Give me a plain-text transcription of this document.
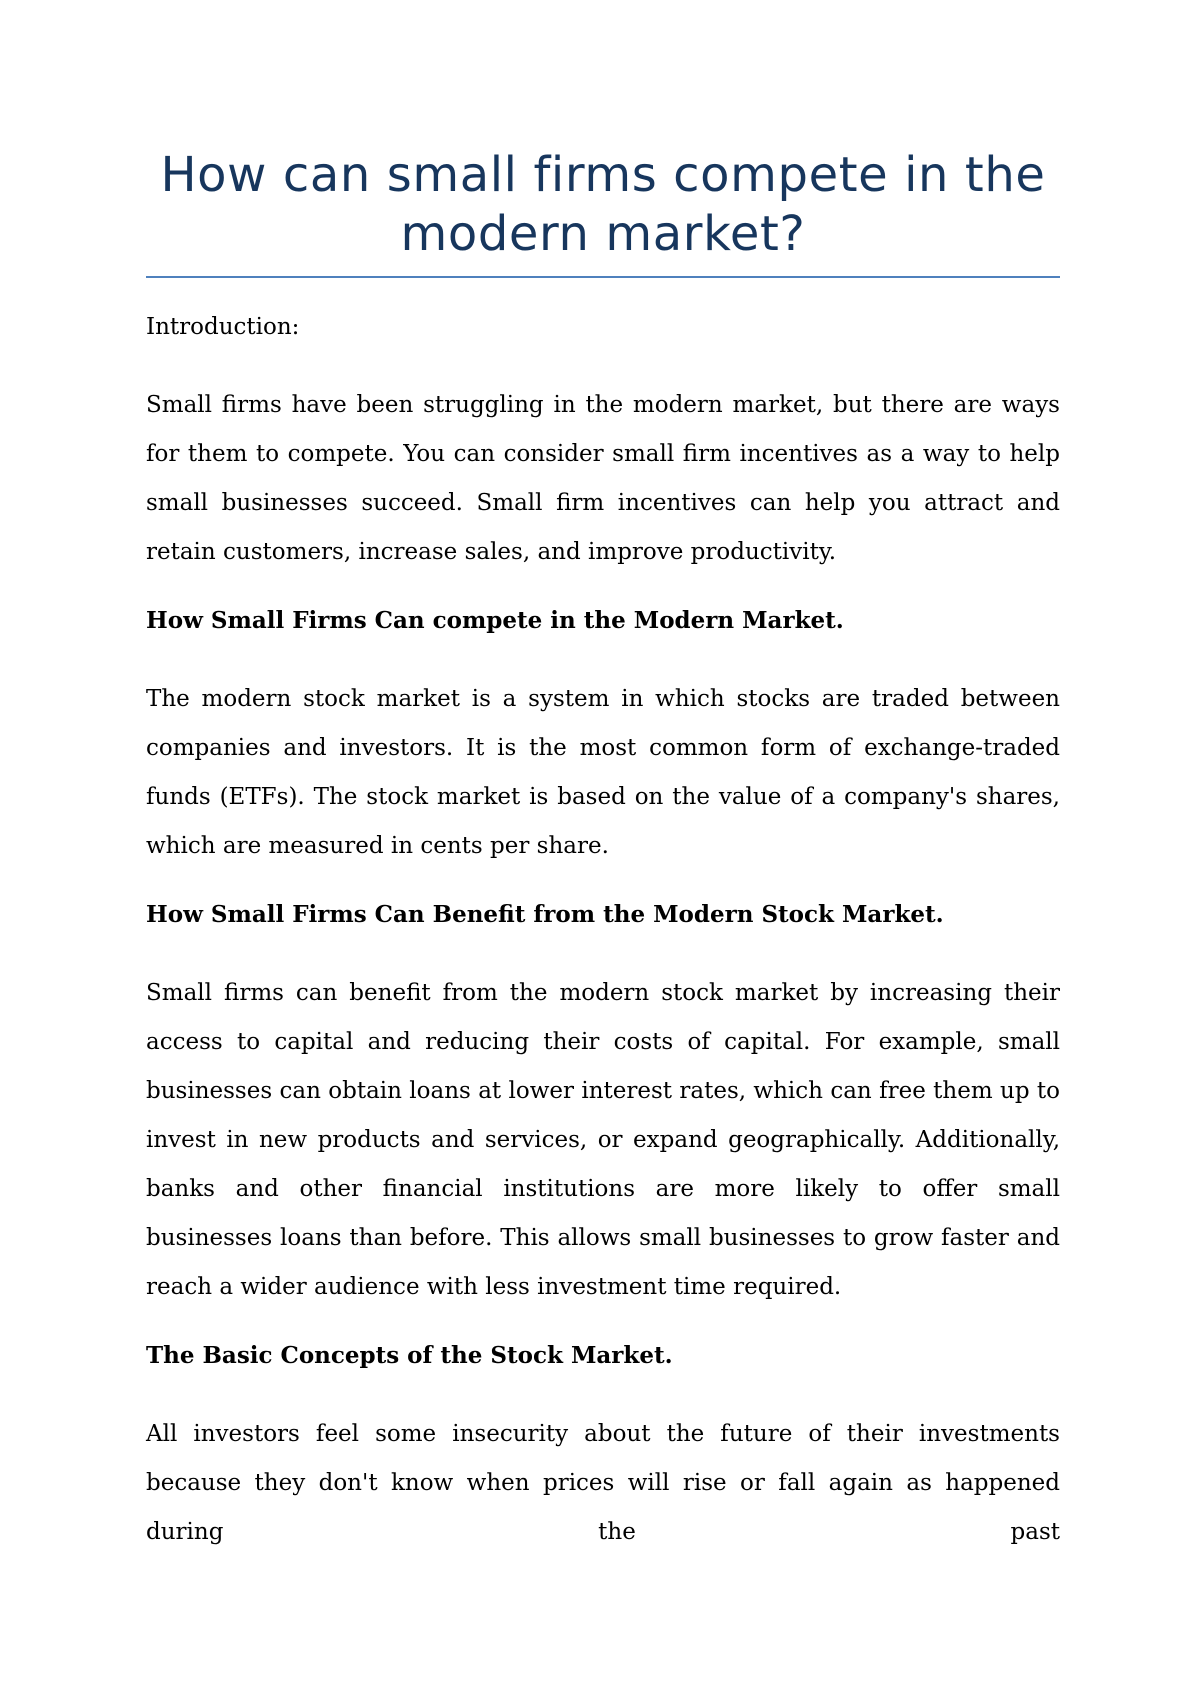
How can small firms compete in the modern market?

Introduction:

Small firms have been struggling in the modern market, but there are ways for them to compete. You can consider small firm incentives as a way to help small businesses succeed. Small firm incentives can help you attract and retain customers, increase sales, and improve productivity.

How Small Firms Can compete in the Modern Market.

The modern stock market is a system in which stocks are traded between companies and investors. It is the most common form of exchange-traded funds (ETFs). The stock market is based on the value of a company's shares, which are measured in cents per share.

How Small Firms Can Benefit from the Modern Stock Market.

Small firms can benefit from the modern stock market by increasing their access to capital and reducing their costs of capital. For example, small businesses can obtain loans at lower interest rates, which can free them up to invest in new products and services, or expand geographically. Additionally, banks and other financial institutions are more likely to offer small businesses loans than before. This allows small businesses to grow faster and reach a wider audience with less investment time required.

The Basic Concepts of the Stock Market.

All investors feel some insecurity about the future of their investments because they don't know when prices will rise or fall again as happened during the past
